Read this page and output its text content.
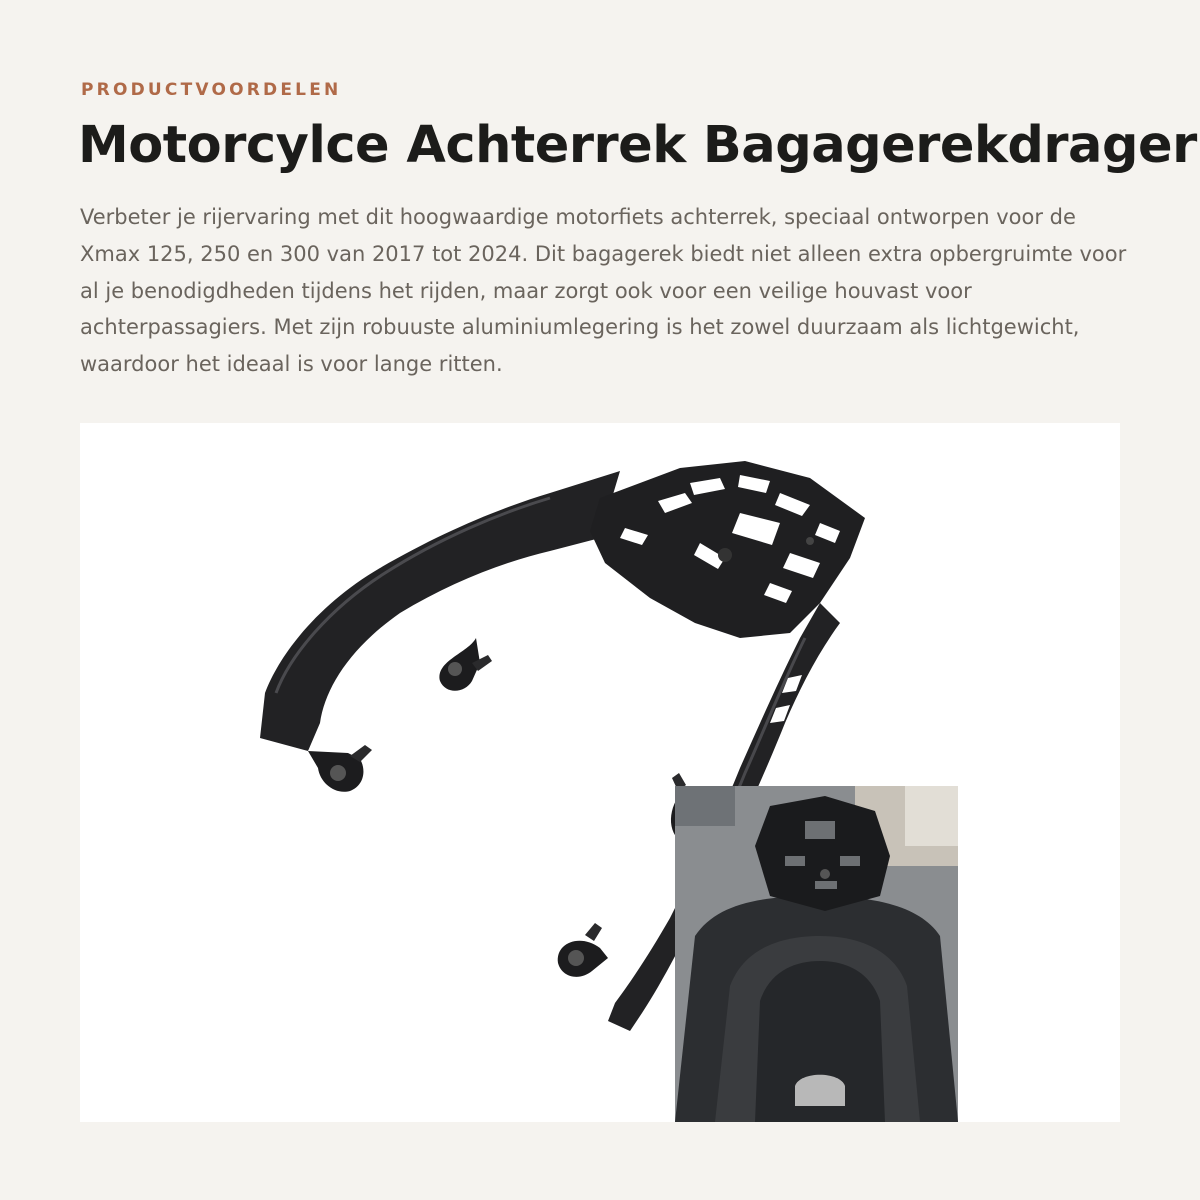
PRODUCTVOORDELEN
Motorcylce Achterrek Bagagerekdrager

Verbeter je rijervaring met dit hoogwaardige motorfiets achterrek, speciaal ontworpen voor de Xmax 125, 250 en 300 van 2017 tot 2024. Dit bagagerek biedt niet alleen extra opbergruimte voor al je benodigdheden tijdens het rijden, maar zorgt ook voor een veilige houvast voor achterpassagiers. Met zijn robuuste aluminiumlegering is het zowel duurzaam als lichtgewicht, waardoor het ideaal is voor lange ritten.
